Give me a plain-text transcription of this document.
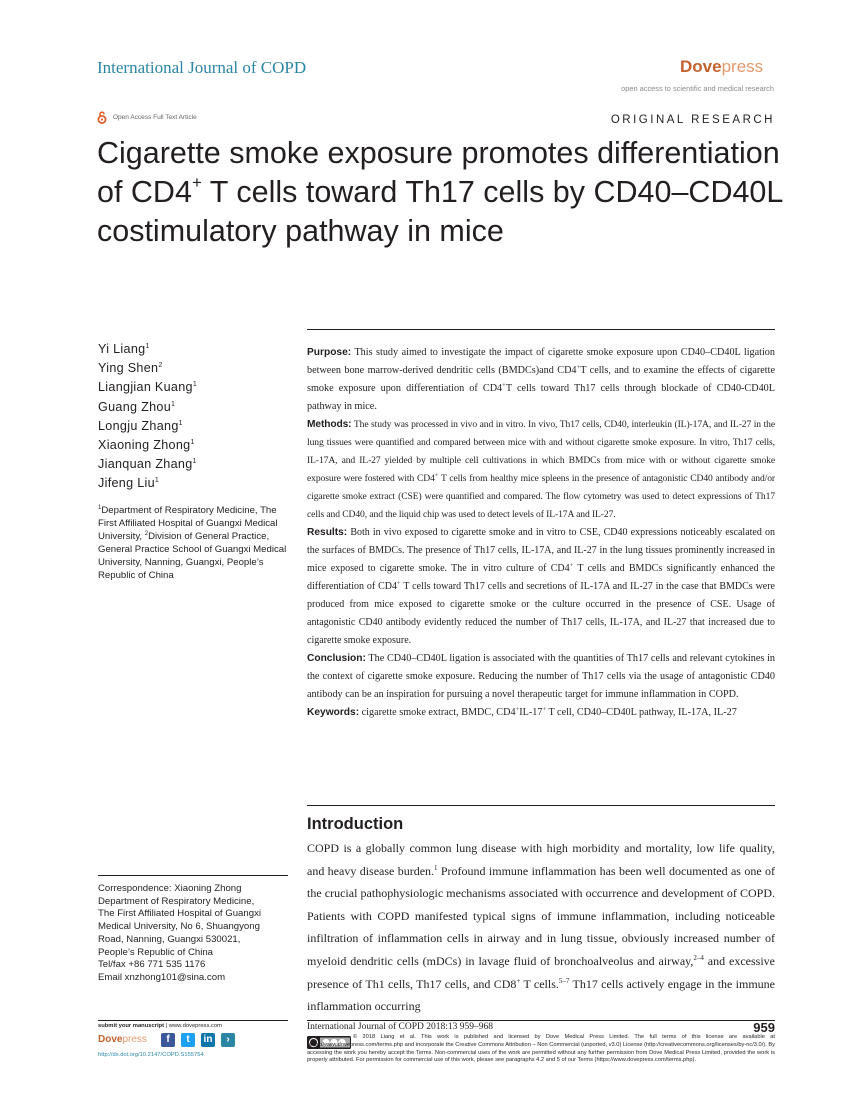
International Journal of COPD	Dovepress
open access to scientific and medical research
Open Access Full Text Article	ORIGINAL RESEARCH
Cigarette smoke exposure promotes differentiation of CD4+ T cells toward Th17 cells by CD40–CD40L costimulatory pathway in mice
Yi Liang$^1$
Ying Shen$^2$
Liangjian Kuang$^1$
Guang Zhou$^1$
Longju Zhang$^1$
Xiaoning Zhong$^1$
Jianquan Zhang$^1$
Jifeng Liu$^1$
$^1$Department of Respiratory Medicine, The First Affiliated Hospital of Guangxi Medical University, $^2$Division of General Practice, General Practice School of Guangxi Medical University, Nanning, Guangxi, People’s Republic of China

Purpose: This study aimed to investigate the impact of cigarette smoke exposure upon CD40–CD40L ligation between bone marrow-derived dendritic cells (BMDCs)and CD4+T cells, and to examine the effects of cigarette smoke exposure upon differentiation of CD4+T cells toward Th17 cells through blockade of CD40-CD40L pathway in mice.

Methods: The study was processed in vivo and in vitro. In vivo, Th17 cells, CD40, interleukin (IL)-17A, and IL-27 in the lung tissues were quantified and compared between mice with and without cigarette smoke exposure. In vitro, Th17 cells, IL-17A, and IL-27 yielded by multiple cell cultivations in which BMDCs from mice with or without cigarette smoke exposure were fostered with CD4+ T cells from healthy mice spleens in the presence of antagonistic CD40 antibody and/or cigarette smoke extract (CSE) were quantified and compared. The flow cytometry was used to detect expressions of Th17 cells and CD40, and the liquid chip was used to detect levels of IL-17A and IL-27.

Results: Both in vivo exposed to cigarette smoke and in vitro to CSE, CD40 expressions noticeably escalated on the surfaces of BMDCs. The presence of Th17 cells, IL-17A, and IL-27 in the lung tissues prominently increased in mice exposed to cigarette smoke. The in vitro culture of CD4+ T cells and BMDCs significantly enhanced the differentiation of CD4+ T cells toward Th17 cells and secretions of IL-17A and IL-27 in the case that BMDCs were produced from mice exposed to cigarette smoke or the culture occurred in the presence of CSE. Usage of antagonistic CD40 antibody evidently reduced the number of Th17 cells, IL-17A, and IL-27 that increased due to cigarette smoke exposure.

Conclusion: The CD40–CD40L ligation is associated with the quantities of Th17 cells and relevant cytokines in the context of cigarette smoke exposure. Reducing the number of Th17 cells via the usage of antagonistic CD40 antibody can be an inspiration for pursuing a novel therapeutic target for immune inflammation in COPD.

Keywords: cigarette smoke extract, BMDC, CD4+IL-17+ T cell, CD40–CD40L pathway, IL-17A, IL-27

Introduction
COPD is a globally common lung disease with high morbidity and mortality, low life quality, and heavy disease burden.$^1$ Profound immune inflammation has been well documented as one of the crucial pathophysiologic mechanisms associated with occurrence and development of COPD. Patients with COPD manifested typical signs of immune inflammation, including noticeable infiltration of inflammation cells in airway and in lung tissue, obviously increased number of myeloid dendritic cells (mDCs) in lavage fluid of bronchoalveolus and airway,$^{2-4}$ and excessive presence of Th1 cells, Th17 cells, and CD8+ T cells.$^{5-7}$ Th17 cells actively engage in the immune inflammation occurring
Correspondence: Xiaoning Zhong
Department of Respiratory Medicine,
The First Affiliated Hospital of Guangxi
Medical University, No 6, Shuangyong
Road, Nanning, Guangxi 530021,
People’s Republic of China
Tel/fax +86 771 535 1176
Email xnzhong101@sina.com
submit your manuscript | www.dovepress.com
Dovepress	f	t	in	›
http://dx.doi.org/10.2147/COPD.S155754
International Journal of COPD 2018:13 959–968	959
© 2018 Liang et al. This work is published and licensed by Dove Medical Press Limited. The full terms of this license are available at https://www.dovepress.com/terms.php and incorporate the Creative Commons Attribution – Non Commercial (unported, v3.0) License (http://creativecommons.org/licenses/by-nc/3.0/). By accessing the work you hereby accept the Terms. Non-commercial uses of the work are permitted without any further permission from Dove Medical Press Limited, provided the work is properly attributed. For permission for commercial use of this work, please see paragraphs 4.2 and 5 of our Terms (https://www.dovepress.com/terms.php).
